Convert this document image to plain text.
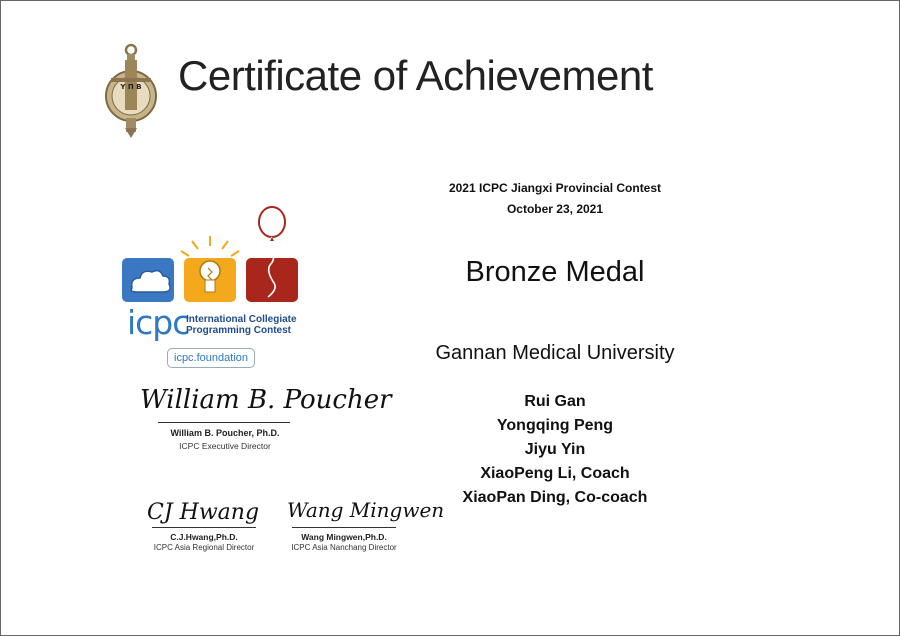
Y Π B Certificate of Achievement
icpc
International Collegiate
Programming Contest
icpc.foundation
William B. Poucher
William B. Poucher, Ph.D.
ICPC Executive Director
CJ Hwang
C.J.Hwang,Ph.D.
ICPC Asia Regional Director
Wang Mingwen
Wang Mingwen,Ph.D.
ICPC Asia Nanchang Director
2021 ICPC Jiangxi Provincial Contest
October 23, 2021
Bronze Medal
Gannan Medical University
Rui Gan
Yongqing Peng
Jiyu Yin
XiaoPeng Li, Coach
XiaoPan Ding, Co-coach
